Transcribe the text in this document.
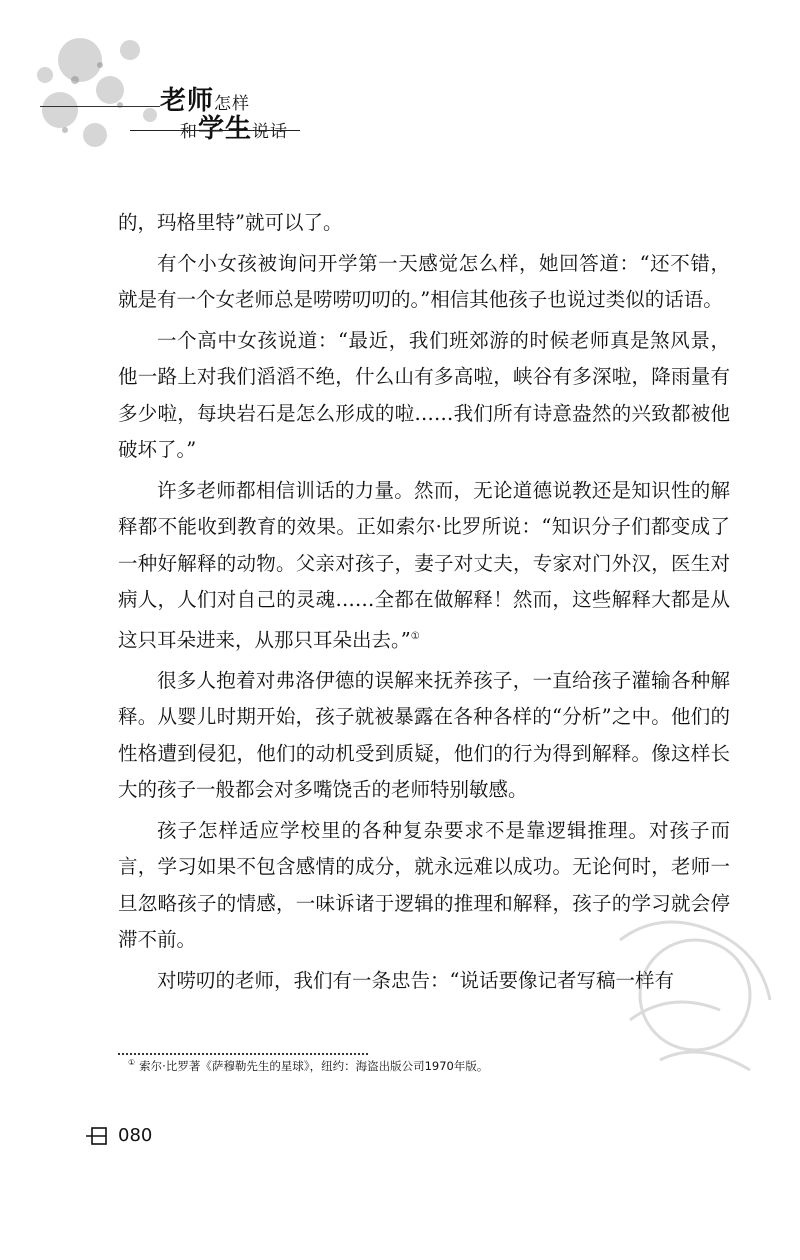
老师怎样
和学生说话

的，玛格里特”就可以了。

有个小女孩被询问开学第一天感觉怎么样，她回答道：“还不错，就是有一个女老师总是唠唠叨叨的。”相信其他孩子也说过类似的话语。

一个高中女孩说道：“最近，我们班郊游的时候老师真是煞风景，他一路上对我们滔滔不绝，什么山有多高啦，峡谷有多深啦，降雨量有多少啦，每块岩石是怎么形成的啦……我们所有诗意盎然的兴致都被他破坏了。”

许多老师都相信训话的力量。然而，无论道德说教还是知识性的解释都不能收到教育的效果。正如索尔·比罗所说：“知识分子们都变成了一种好解释的动物。父亲对孩子，妻子对丈夫，专家对门外汉，医生对病人，人们对自己的灵魂……全都在做解释！然而，这些解释大都是从这只耳朵进来，从那只耳朵出去。”①

很多人抱着对弗洛伊德的误解来抚养孩子，一直给孩子灌输各种解释。从婴儿时期开始，孩子就被暴露在各种各样的“分析”之中。他们的性格遭到侵犯，他们的动机受到质疑，他们的行为得到解释。像这样长大的孩子一般都会对多嘴饶舌的老师特别敏感。

孩子怎样适应学校里的各种复杂要求不是靠逻辑推理。对孩子而言，学习如果不包含感情的成分，就永远难以成功。无论何时，老师一旦忽略孩子的情感，一味诉诸于逻辑的推理和解释，孩子的学习就会停滞不前。

对唠叨的老师，我们有一条忠告：“说话要像记者写稿一样有

① 索尔·比罗著《萨穆勒先生的星球》，纽约：海盗出版公司1970年版。
080
